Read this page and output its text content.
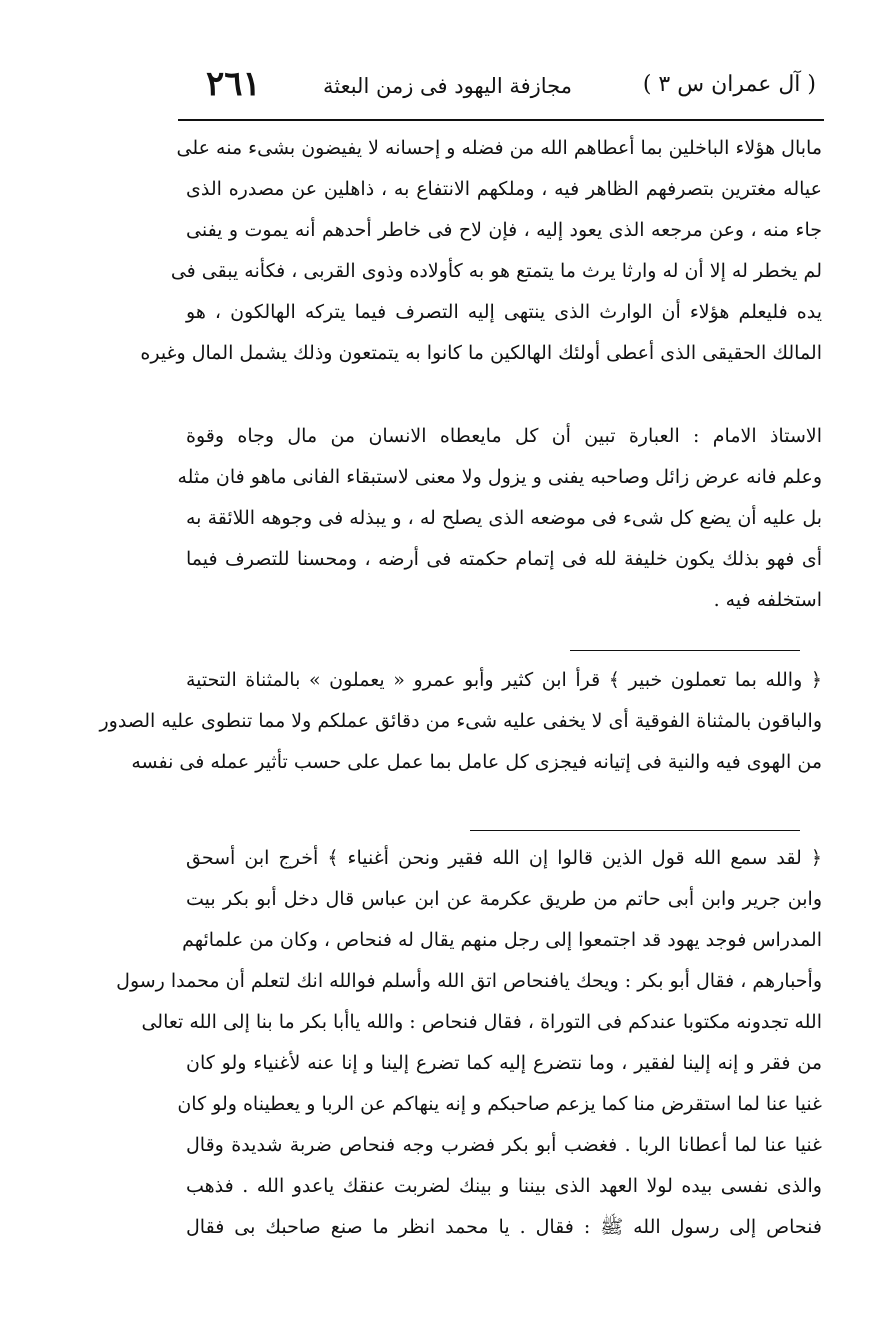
( آل عمران س ٣ )
مجازفة اليهود فى زمن البعثة
٢٦١
مابال هؤلاء الباخلين بما أعطاهم الله من فضله و إحسانه لا يفيضون بشىء منه على
عياله مغترين بتصرفهم الظاهر فيه ، وملكهم الانتفاع به ، ذاهلين عن مصدره الذى
جاء منه ، وعن مرجعه الذى يعود إليه ، فإن لاح فى خاطر أحدهم أنه يموت و يفنى
لم يخطر له إلا أن له وارثا يرث ما يتمتع هو به كأولاده وذوى القربى ، فكأنه يبقى فى
يده فليعلم هؤلاء أن الوارث الذى ينتهى إليه التصرف فيما يتركه الهالكون ، هو
المالك الحقيقى الذى أعطى أولئك الهالكين ما كانوا به يتمتعون وذلك يشمل المال وغيره
الاستاذ الامام : العبارة تبين أن كل مايعطاه الانسان من مال وجاه وقوة
وعلم فانه عرض زائل وصاحبه يفنى و يزول ولا معنى لاستبقاء الفانى ماهو فان مثله
بل عليه أن يضع كل شىء فى موضعه الذى يصلح له ، و يبذله فى وجوهه اللائقة به
أى فهو بذلك يكون خليفة لله فى إتمام حكمته فى أرضه ، ومحسنا للتصرف فيما
استخلفه فيه .
﴿ والله بما تعملون خبير ﴾ قرأ ابن كثير وأبو عمرو « يعملون » بالمثناة التحتية
والباقون بالمثناة الفوقية أى لا يخفى عليه شىء من دقائق عملكم ولا مما تنطوى عليه الصدور
من الهوى فيه والنية فى إتيانه فيجزى كل عامل بما عمل على حسب تأثير عمله فى نفسه
﴿ لقد سمع الله قول الذين قالوا إن الله فقير ونحن أغنياء ﴾ أخرج ابن أسحق
وابن جرير وابن أبى حاتم من طريق عكرمة عن ابن عباس قال دخل أبو بكر بيت
المدراس فوجد يهود قد اجتمعوا إلى رجل منهم يقال له فنحاص ، وكان من علمائهم
وأحبارهم ، فقال أبو بكر : ويحك يافنحاص اتق الله وأسلم فوالله انك لتعلم أن محمدا رسول
الله تجدونه مكتوبا عندكم فى التوراة ، فقال فنحاص : والله ياأبا بكر ما بنا إلى الله تعالى
من فقر و إنه إلينا لفقير ، وما نتضرع إليه كما تضرع إلينا و إنا عنه لأغنياء ولو كان
غنيا عنا لما استقرض منا كما يزعم صاحبكم و إنه ينهاكم عن الربا و يعطيناه ولو كان
غنيا عنا لما أعطانا الربا . فغضب أبو بكر فضرب وجه فنحاص ضربة شديدة وقال
والذى نفسى بيده لولا العهد الذى بيننا و بينك لضربت عنقك ياعدو الله . فذهب
فنحاص إلى رسول الله ﷺ : فقال . يا محمد انظر ما صنع صاحبك بى فقال
